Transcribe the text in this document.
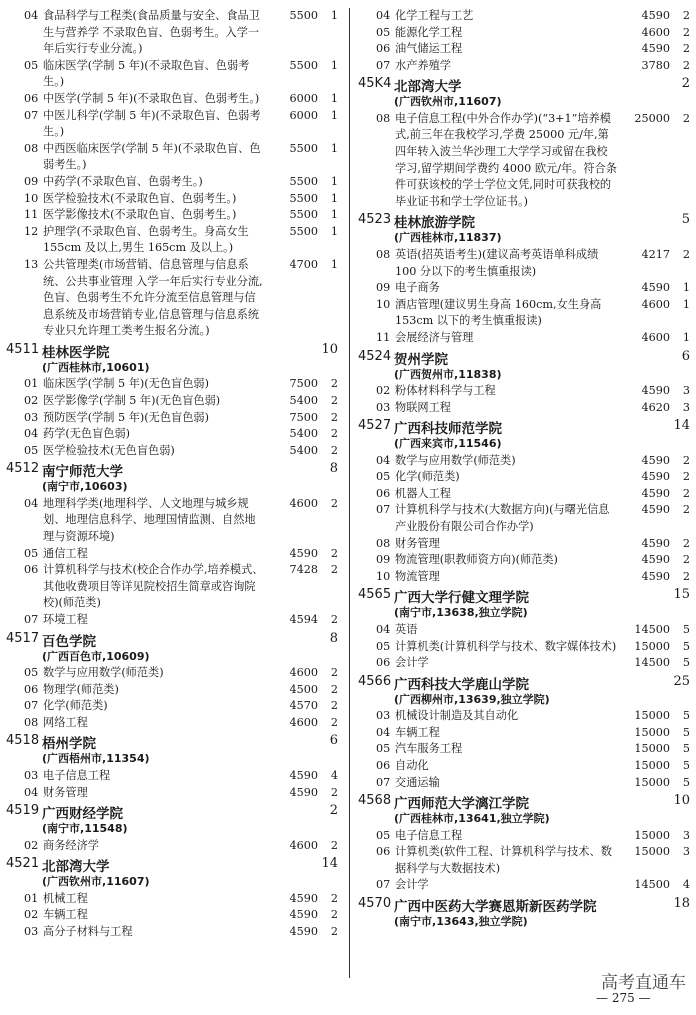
04 食品科学与工程类(食品质量与安全、食品卫生与营养学 不录取色盲、色弱考生。入学一年后实行专业分流。)
5500	1
05 临床医学(学制 5 年)(不录取色盲、色弱考生。)
5500	1
06 中医学(学制 5 年)(不录取色盲、色弱考生。)	6000	1
07 中医儿科学(学制 5 年)(不录取色盲、色弱考生。)
6000	1
08 中西医临床医学(学制 5 年)(不录取色盲、色弱考生。)
5500	1
09 中药学(不录取色盲、色弱考生。)	5500	1
10 医学检验技术(不录取色盲、色弱考生。)	5500	1
11 医学影像技术(不录取色盲、色弱考生。)	5500	1
12 护理学(不录取色盲、色弱考生。身高女生 155cm 及以上,男生 165cm 及以上。)
5500	1
13 公共管理类(市场营销、信息管理与信息系统、公共事业管理 入学一年后实行专业分流,色盲、色弱考生不允许分流至信息管理与信息系统及市场营销专业,信息管理与信息系统专业只允许理工类考生报名分流。)
4700	1
4511 桂林医学院	10
(广西桂林市,10601)
01 临床医学(学制 5 年)(无色盲色弱)	7500	2
02 医学影像学(学制 5 年)(无色盲色弱)	5400	2
03 预防医学(学制 5 年)(无色盲色弱)	7500	2
04 药学(无色盲色弱)	5400	2
05 医学检验技术(无色盲色弱)	5400	2
4512 南宁师范大学	8
(南宁市,10603)
04 地理科学类(地理科学、人文地理与城乡规划、地理信息科学、地理国情监测、自然地理与资源环境)
4600	2
05 通信工程	4590	2
06 计算机科学与技术(校企合作办学,培养模式、其他收费项目等详见院校招生简章或咨询院校)(师范类)
7428	2
07 环境工程	4594	2
4517 百色学院	8
(广西百色市,10609)
05 数学与应用数学(师范类)	4600	2
06 物理学(师范类)	4500	2
07 化学(师范类)	4570	2
08 网络工程	4600	2
4518 梧州学院	6
(广西梧州市,11354)
03 电子信息工程	4590	4
04 财务管理	4590	2
4519 广西财经学院	2
(南宁市,11548)
02 商务经济学	4600	2
4521 北部湾大学	14
(广西钦州市,11607)
01 机械工程	4590	2
02 车辆工程	4590	2
03 高分子材料与工程	4590	2
04 化学工程与工艺	4590	2
05 能源化学工程	4600	2
06 油气储运工程	4590	2
07 水产养殖学	3780	2
45K4 北部湾大学	2
(广西钦州市,11607)
08 电子信息工程(中外合作办学)(“3+1”培养模式,前三年在我校学习,学费 25000 元/年,第四年转入波兰华沙理工大学学习或留在我校学习,留学期间学费约 4000 欧元/年。符合条件可获该校的学士学位文凭,同时可获我校的毕业证书和学士学位证书。)
25000	2
4523 桂林旅游学院	5
(广西桂林市,11837)
08 英语(招英语考生)(建议高考英语单科成绩 100 分以下的考生慎重报读)
4217	2
09 电子商务	4590	1
10 酒店管理(建议男生身高 160cm,女生身高 153cm 以下的考生慎重报读)
4600	1
11 会展经济与管理	4600	1
4524 贺州学院	6
(广西贺州市,11838)
02 粉体材料科学与工程	4590	3
03 物联网工程	4620	3
4527 广西科技师范学院	14
(广西来宾市,11546)
04 数学与应用数学(师范类)	4590	2
05 化学(师范类)	4590	2
06 机器人工程	4590	2
07 计算机科学与技术(大数据方向)(与曙光信息产业股份有限公司合作办学)
4590	2
08 财务管理	4590	2
09 物流管理(职教师资方向)(师范类)	4590	2
10 物流管理	4590	2
4565 广西大学行健文理学院	15
(南宁市,13638,独立学院)
04 英语	14500	5
05 计算机类(计算机科学与技术、数字媒体技术)	15000	5
06 会计学	14500	5
4566 广西科技大学鹿山学院	25
(广西柳州市,13639,独立学院)
03 机械设计制造及其自动化	15000	5
04 车辆工程	15000	5
05 汽车服务工程	15000	5
06 自动化	15000	5
07 交通运输	15000	5
4568 广西师范大学漓江学院	10
(广西桂林市,13641,独立学院)
05 电子信息工程	15000	3
06 计算机类(软件工程、计算机科学与技术、数据科学与大数据技术)
15000	3
07 会计学	14500	4
4570 广西中医药大学赛恩斯新医药学院	18
(南宁市,13643,独立学院)
高考直通车
— 275 —
